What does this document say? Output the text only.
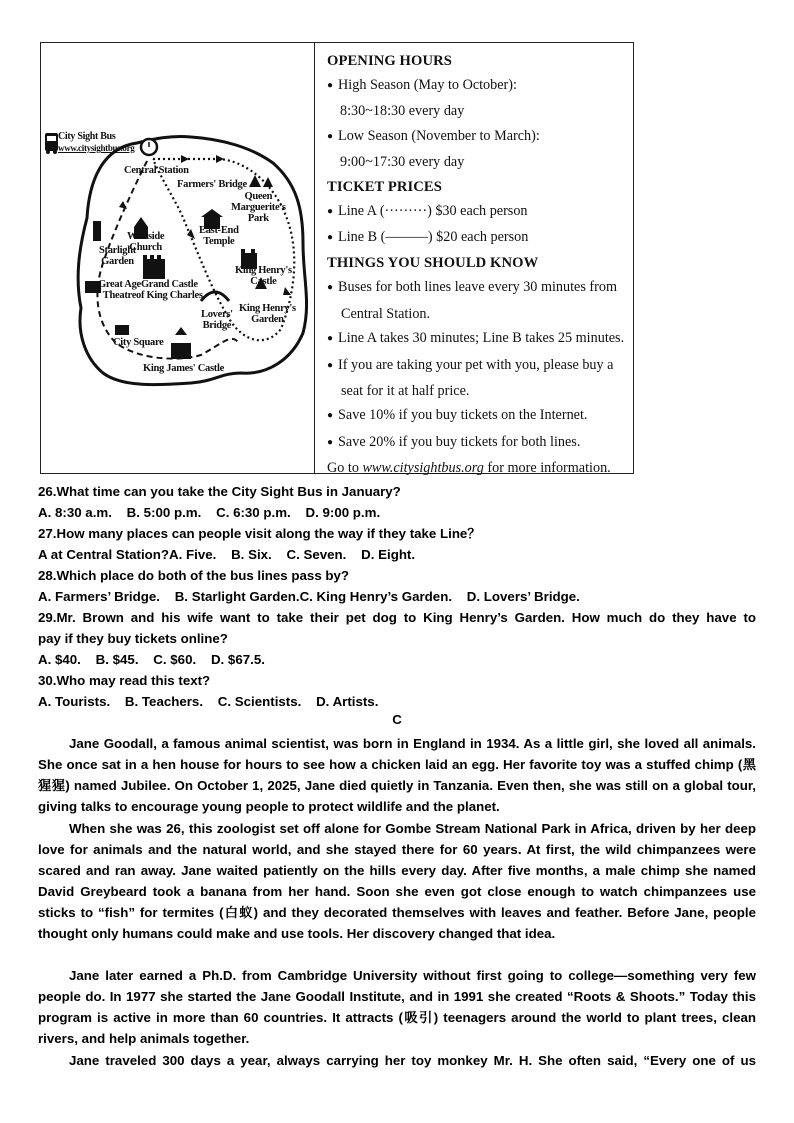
City Sight Bus
www.citysightbus.org
Central Station
Farmers' Bridge
Queen
Marguerite's
Park
Westside
Church
East-End
Temple
Starlight
Garden
Great Age
Theatre
Grand Castle
of King Charles
King Henry's
Castle
King Henry's
Garden
Lovers'
Bridge
City Square
King James' Castle
OPENING HOURS
● High Season (May to October):
8:30~18:30 every day
● Low Season (November to March):
9:00~17:30 every day
TICKET PRICES
● Line A (·········) $30 each person
● Line B (———) $20 each person
THINGS YOU SHOULD KNOW
● Buses for both lines leave every 30 minutes from
Central Station.
● Line A takes 30 minutes; Line B takes 25 minutes.
● If you are taking your pet with you, please buy a
seat for it at half price.
● Save 10% if you buy tickets on the Internet.
● Save 20% if you buy tickets for both lines.
Go to www.citysightbus.org for more information.
26.What time can you take the City Sight Bus in January?
A. 8:30 a.m.    B. 5:00 p.m.    C. 6:30 p.m.    D. 9:00 p.m.
27.How many places can people visit along the way if they take Line？
A at Central Station?A. Five.    B. Six.    C. Seven.    D. Eight.
28.Which place do both of the bus lines pass by?
A. Farmers’ Bridge.    B. Starlight Garden.C. King Henry’s Garden.    D. Lovers’ Bridge.
29.Mr. Brown and his wife want to take their pet dog to King Henry’s Garden. How much do they have to
pay if they buy tickets online?
A. $40.    B. $45.    C. $60.    D. $67.5.
30.Who may read this text?
A. Tourists.    B. Teachers.    C. Scientists.    D. Artists.
C
Jane Goodall, a famous animal scientist, was born in England in 1934. As a little girl, she loved all animals. She once sat in a hen house for hours to see how a chicken laid an egg. Her favorite toy was a stuffed chimp (黑猩猩) named Jubilee. On October 1, 2025, Jane died quietly in Tanzania. Even then, she was still on a global tour, giving talks to encourage young people to protect wildlife and the planet.
When she was 26, this zoologist set off alone for Gombe Stream National Park in Africa, driven by her deep love for animals and the natural world, and she stayed there for 60 years. At first, the wild chimpanzees were scared and ran away. Jane waited patiently on the hills every day. After five months, a male chimp she named David Greybeard took a banana from her hand. Soon she even got close enough to watch chimpanzees use sticks to “fish” for termites (白蚁) and they decorated themselves with leaves and feather. Before Jane, people thought only humans could make and use tools. Her discovery changed that idea.
Jane later earned a Ph.D. from Cambridge University without first going to college—something very few people do. In 1977 she started the Jane Goodall Institute, and in 1991 she created “Roots & Shoots.” Today this program is active in more than 60 countries. It attracts (吸引) teenagers around the world to plant trees, clean rivers, and help animals together.
Jane traveled 300 days a year, always carrying her toy monkey Mr. H. She often said, “Every one of us
